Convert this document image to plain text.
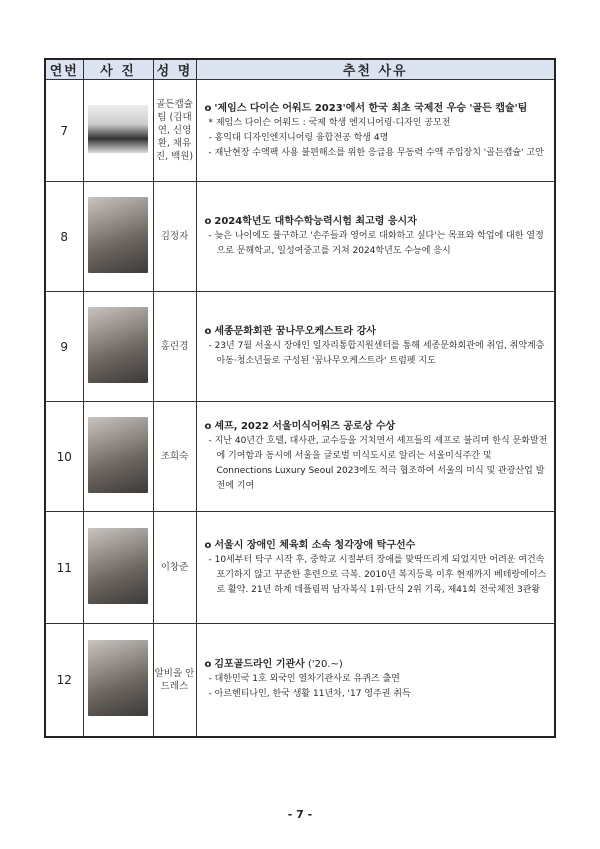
연번	사 진	성 명	추천 사유
7		골든캡슐팀 (김대연, 신영환, 채유진, 백원)	o '제임스 다이슨 어워드 2023'에서 한국 최초 국제전 우승 '골든 캡슐'팀
* 제임스 다이슨 어워드 : 국제 학생 엔지니어링·디자인 공모전
- 홍익대 디자인엔지니어링 융합전공 학생 4명
- 재난현장 수액팩 사용 불편해소를 위한 응급용 무동력 수액 주입장치 '골든캡슐' 고안

8		김정자	o 2024학년도 대학수학능력시험 최고령 응시자
- 늦은 나이에도 불구하고 '손주들과 영어로 대화하고 싶다'는 목표와 학업에 대한 열정으로 문해학교, 일성여중고를 거쳐 2024학년도 수능에 응시

9		홍린경	o 세종문화회관 꿈나무오케스트라 강사
- 23년 7월 서울시 장애인 일자리통합지원센터를 통해 세종문화회관에 취업, 취약계층 아동·청소년들로 구성된 '꿈나무오케스트라' 트럼펫 지도

10		조희숙	o 셰프, 2022 서울미식어워즈 공로상 수상
- 지난 40년간 호텔, 대사관, 교수등을 거치면서 셰프들의 셰프로 불리며 한식 문화발전에 기여함과 동시에 서울을 글로벌 미식도시로 알리는 서울미식주간 및 Connections Luxury Seoul 2023에도 적극 협조하여 서울의 미식 및 관광산업 발전에 기여

11		이창준	o 서울시 장애인 체육회 소속 청각장애 탁구선수
- 10세부터 탁구 시작 후, 중학교 시절부터 장애를 맞딱뜨리게 되었지만 어려운 여건속 포기하지 않고 꾸준한 훈련으로 극복. 2010년 복지등록 이후 현재까지 베테랑에이스로 활약. 21년 하계 데플림픽 남자복식 1위·단식 2위 기록, 제41회 전국체전 3관왕

12		알비올 안드레스	o 김포골드라인 기관사 ('20.~)
- 대한민국 1호 외국인 열차기관사로 유퀴즈 출연
- 아르헨티나인, 한국 생활 11년차, '17 영주권 취득
- 7 -
